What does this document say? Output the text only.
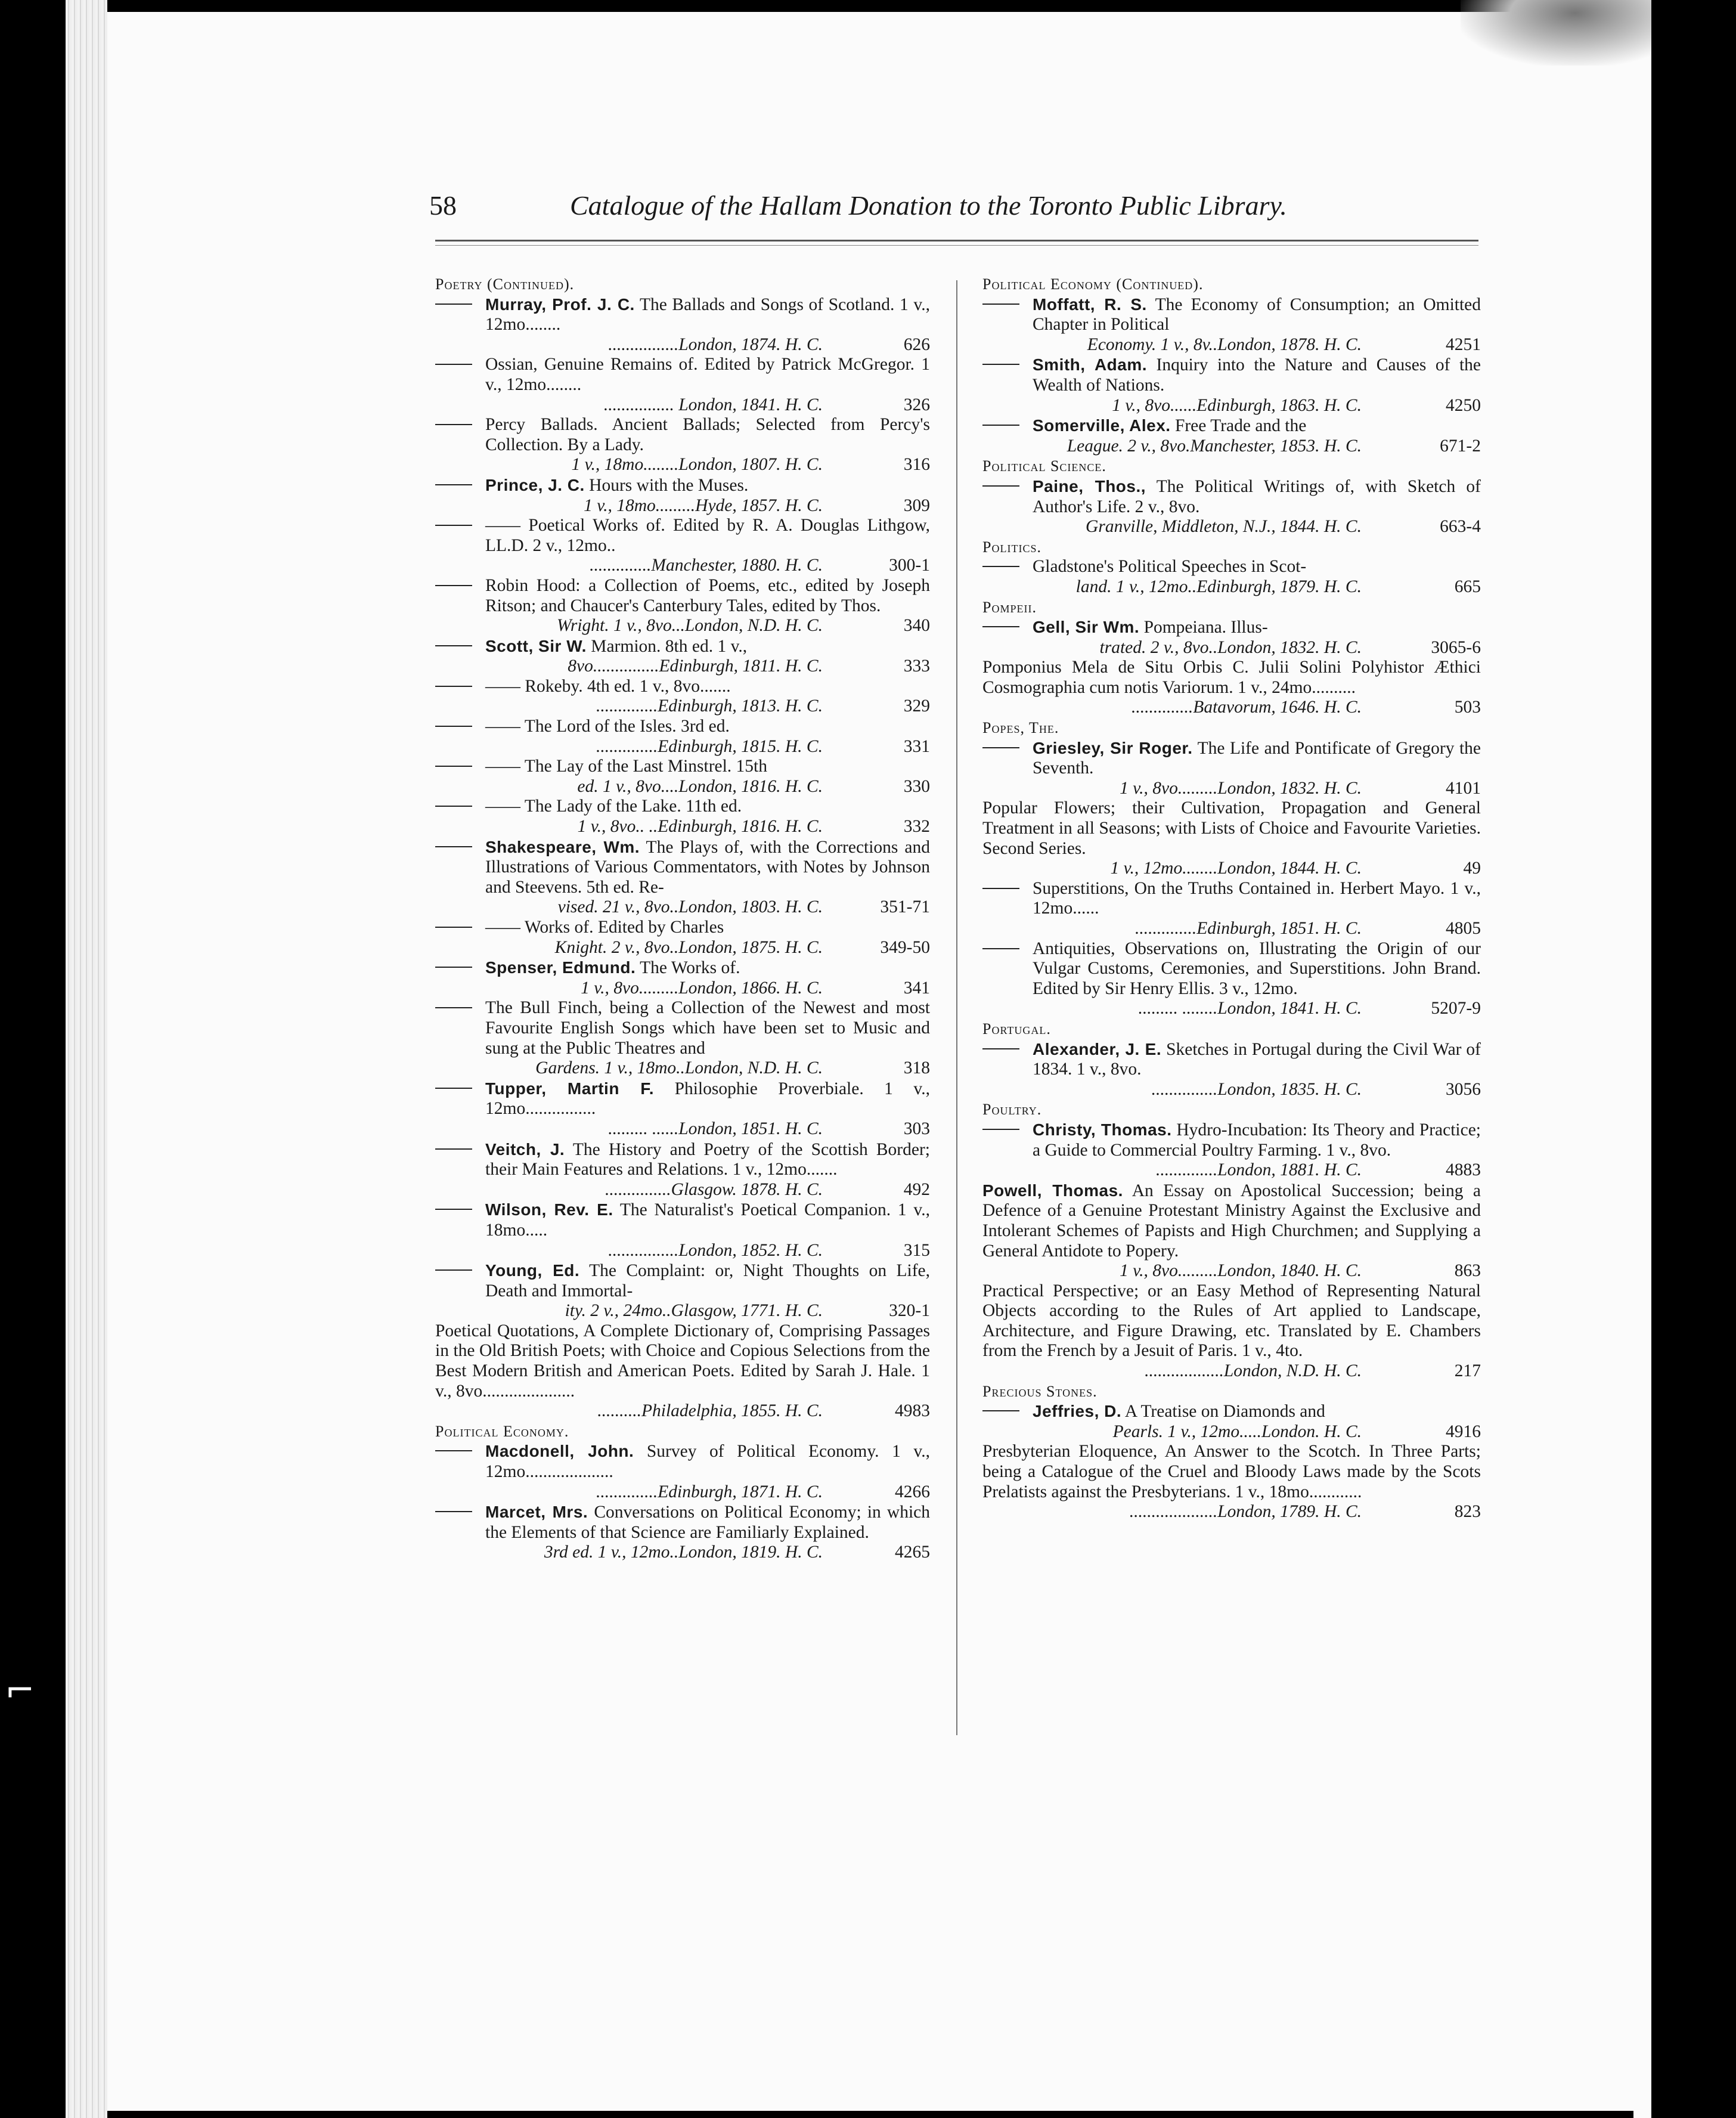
⌐
58	Catalogue of the Hallam Donation to the Toronto Public Library.
Poetry (Continued).
Murray, Prof. J. C. The Ballads and Songs of Scotland. 1 v., 12mo........
................London, 1874. H. C.	626
Ossian, Genuine Remains of. Edited by Patrick McGregor. 1 v., 12mo........
................ London, 1841. H. C.	326
Percy Ballads. Ancient Ballads; Selected from Percy's Collection. By a Lady.
1 v., 18mo........London, 1807. H. C.	316
Prince, J. C. Hours with the Muses.
1 v., 18mo.........Hyde, 1857. H. C.	309
—— Poetical Works of. Edited by R. A. Douglas Lithgow, LL.D. 2 v., 12mo..
..............Manchester, 1880. H. C.	300-1
Robin Hood: a Collection of Poems, etc., edited by Joseph Ritson; and Chaucer's Canterbury Tales, edited by Thos.
Wright. 1 v., 8vo...London, N.D. H. C.	340
Scott, Sir W. Marmion. 8th ed. 1 v.,
8vo...............Edinburgh, 1811. H. C.	333
—— Rokeby. 4th ed. 1 v., 8vo.......
..............Edinburgh, 1813. H. C.	329
—— The Lord of the Isles. 3rd ed.
..............Edinburgh, 1815. H. C.	331
—— The Lay of the Last Minstrel. 15th
ed. 1 v., 8vo....London, 1816. H. C.	330
—— The Lady of the Lake. 11th ed.
1 v., 8vo.. ..Edinburgh, 1816. H. C.	332
Shakespeare, Wm. The Plays of, with the Corrections and Illustrations of Various Commentators, with Notes by Johnson and Steevens. 5th ed. Re-
vised. 21 v., 8vo..London, 1803. H. C.	351-71
—— Works of. Edited by Charles
Knight. 2 v., 8vo..London, 1875. H. C.	349-50
Spenser, Edmund. The Works of.
1 v., 8vo.........London, 1866. H. C.	341
The Bull Finch, being a Collection of the Newest and most Favourite English Songs which have been set to Music and sung at the Public Theatres and
Gardens. 1 v., 18mo..London, N.D. H. C.	318
Tupper, Martin F. Philosophie Proverbiale. 1 v., 12mo................
......... ......London, 1851. H. C.	303
Veitch, J. The History and Poetry of the Scottish Border; their Main Features and Relations. 1 v., 12mo.......
...............Glasgow. 1878. H. C.	492
Wilson, Rev. E. The Naturalist's Poetical Companion. 1 v., 18mo.....
................London, 1852. H. C.	315
Young, Ed. The Complaint: or, Night Thoughts on Life, Death and Immortal-
ity. 2 v., 24mo..Glasgow, 1771. H. C.	320-1
Poetical Quotations, A Complete Dictionary of, Comprising Passages in the Old British Poets; with Choice and Copious Selections from the Best Modern British and American Poets. Edited by Sarah J. Hale. 1 v., 8vo.....................
..........Philadelphia, 1855. H. C.	4983
Political Economy.
Macdonell, John. Survey of Political Economy. 1 v., 12mo....................
..............Edinburgh, 1871. H. C.	4266
Marcet, Mrs. Conversations on Political Economy; in which the Elements of that Science are Familiarly Explained.
3rd ed. 1 v., 12mo..London, 1819. H. C.	4265
Political Economy (Continued).
Moffatt, R. S. The Economy of Consumption; an Omitted Chapter in Political
Economy. 1 v., 8v..London, 1878. H. C.	4251
Smith, Adam. Inquiry into the Nature and Causes of the Wealth of Nations.
1 v., 8vo......Edinburgh, 1863. H. C.	4250
Somerville, Alex. Free Trade and the
League. 2 v., 8vo.Manchester, 1853. H. C.	671-2
Political Science.
Paine, Thos., The Political Writings of, with Sketch of Author's Life. 2 v., 8vo.
Granville, Middleton, N.J., 1844. H. C.	663-4
Politics.
Gladstone's Political Speeches in Scot-
land. 1 v., 12mo..Edinburgh, 1879. H. C.	665
Pompeii.
Gell, Sir Wm. Pompeiana. Illus-
trated. 2 v., 8vo..London, 1832. H. C.	3065-6
Pomponius Mela de Situ Orbis C. Julii Solini Polyhistor Æthici Cosmographia cum notis Variorum. 1 v., 24mo..........
..............Batavorum, 1646. H. C.	503
Popes, The.
Griesley, Sir Roger. The Life and Pontificate of Gregory the Seventh.
1 v., 8vo.........London, 1832. H. C.	4101
Popular Flowers; their Cultivation, Propagation and General Treatment in all Seasons; with Lists of Choice and Favourite Varieties. Second Series.
1 v., 12mo........London, 1844. H. C.	49
Superstitions, On the Truths Contained in. Herbert Mayo. 1 v., 12mo......
..............Edinburgh, 1851. H. C.	4805
Antiquities, Observations on, Illustrating the Origin of our Vulgar Customs, Ceremonies, and Superstitions. John Brand. Edited by Sir Henry Ellis. 3 v., 12mo.
......... ........London, 1841. H. C.	5207-9
Portugal.
Alexander, J. E. Sketches in Portugal during the Civil War of 1834. 1 v., 8vo.
...............London, 1835. H. C.	3056
Poultry.
Christy, Thomas. Hydro-Incubation: Its Theory and Practice; a Guide to Commercial Poultry Farming. 1 v., 8vo.
..............London, 1881. H. C.	4883
Powell, Thomas. An Essay on Apostolical Succession; being a Defence of a Genuine Protestant Ministry Against the Exclusive and Intolerant Schemes of Papists and High Churchmen; and Supplying a General Antidote to Popery.
1 v., 8vo.........London, 1840. H. C.	863
Practical Perspective; or an Easy Method of Representing Natural Objects according to the Rules of Art applied to Landscape, Architecture, and Figure Drawing, etc. Translated by E. Chambers from the French by a Jesuit of Paris. 1 v., 4to.
..................London, N.D. H. C.	217
Precious Stones.
Jeffries, D. A Treatise on Diamonds and
Pearls. 1 v., 12mo.....London. H. C.	4916
Presbyterian Eloquence, An Answer to the Scotch. In Three Parts; being a Catalogue of the Cruel and Bloody Laws made by the Scots Prelatists against the Presbyterians. 1 v., 18mo............
....................London, 1789. H. C.	823
